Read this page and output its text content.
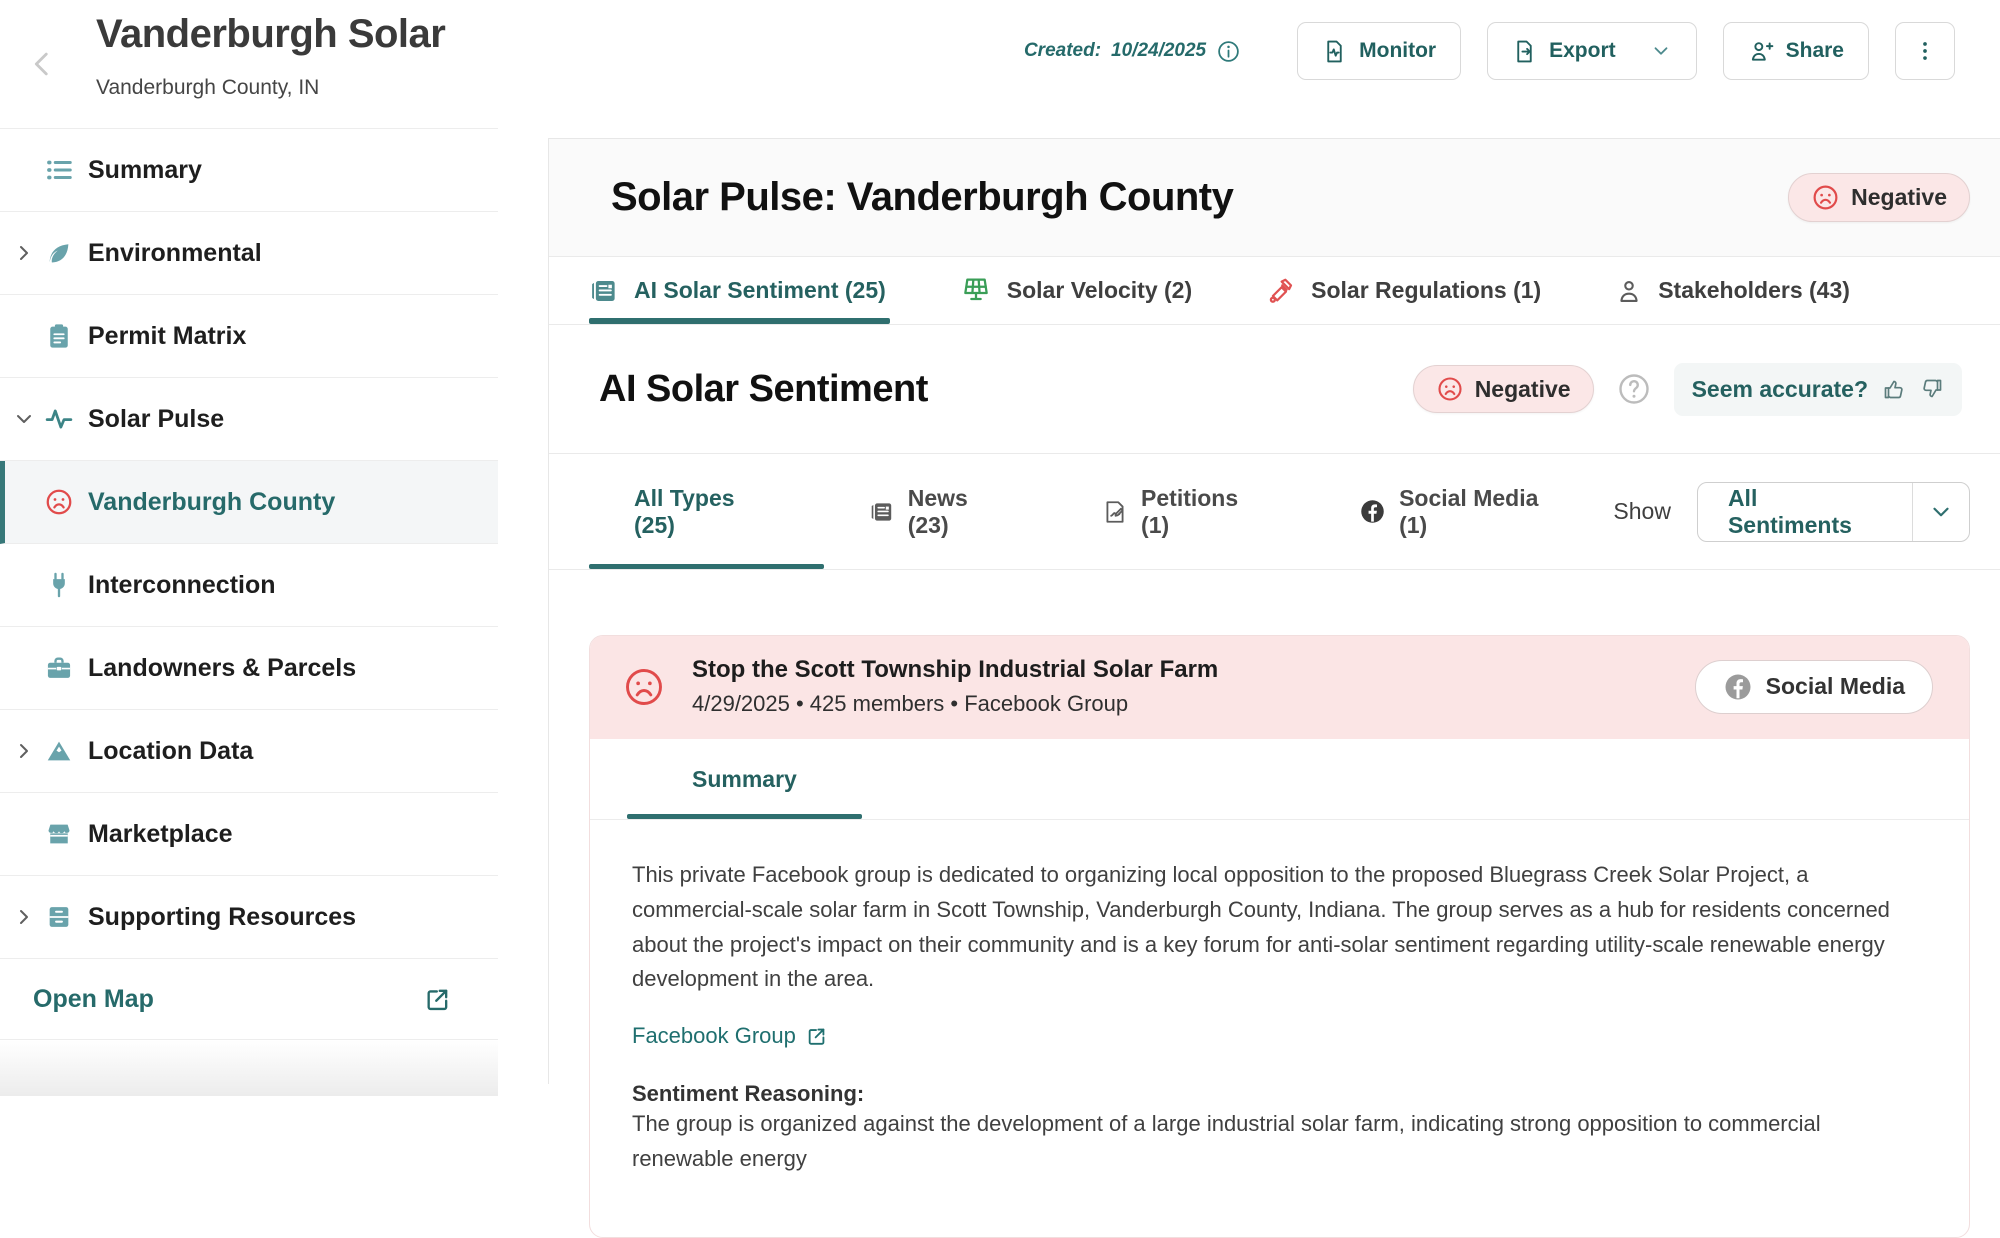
Vanderburgh Solar
Vanderburgh County, IN
Created: 10/24/2025	Monitor	Export	Share
Summary
Environmental
Permit Matrix
Solar Pulse
Vanderburgh County
Interconnection
Landowners & Parcels
Location Data
Marketplace
Supporting Resources
Open Map
Solar Pulse: Vanderburgh County	Negative
AI Solar Sentiment (25)	Solar Velocity (2)	Solar Regulations (1)	Stakeholders (43)
AI Solar Sentiment	Negative	Seem accurate?
All Types (25)
News (23)
Petitions (1)
Social Media (1)
Show
All Sentiments
Stop the Scott Township Industrial Solar Farm
4/29/2025 • 425 members • Facebook Group
Social Media
Summary

This private Facebook group is dedicated to organizing local opposition to the proposed Bluegrass Creek Solar Project, a commercial-scale solar farm in Scott Township, Vanderburgh County, Indiana. The group serves as a hub for residents concerned about the project's impact on their community and is a key forum for anti-solar sentiment regarding utility-scale renewable energy development in the area.

Facebook Group
Sentiment Reasoning:

The group is organized against the development of a large industrial solar farm, indicating strong opposition to commercial renewable energy
